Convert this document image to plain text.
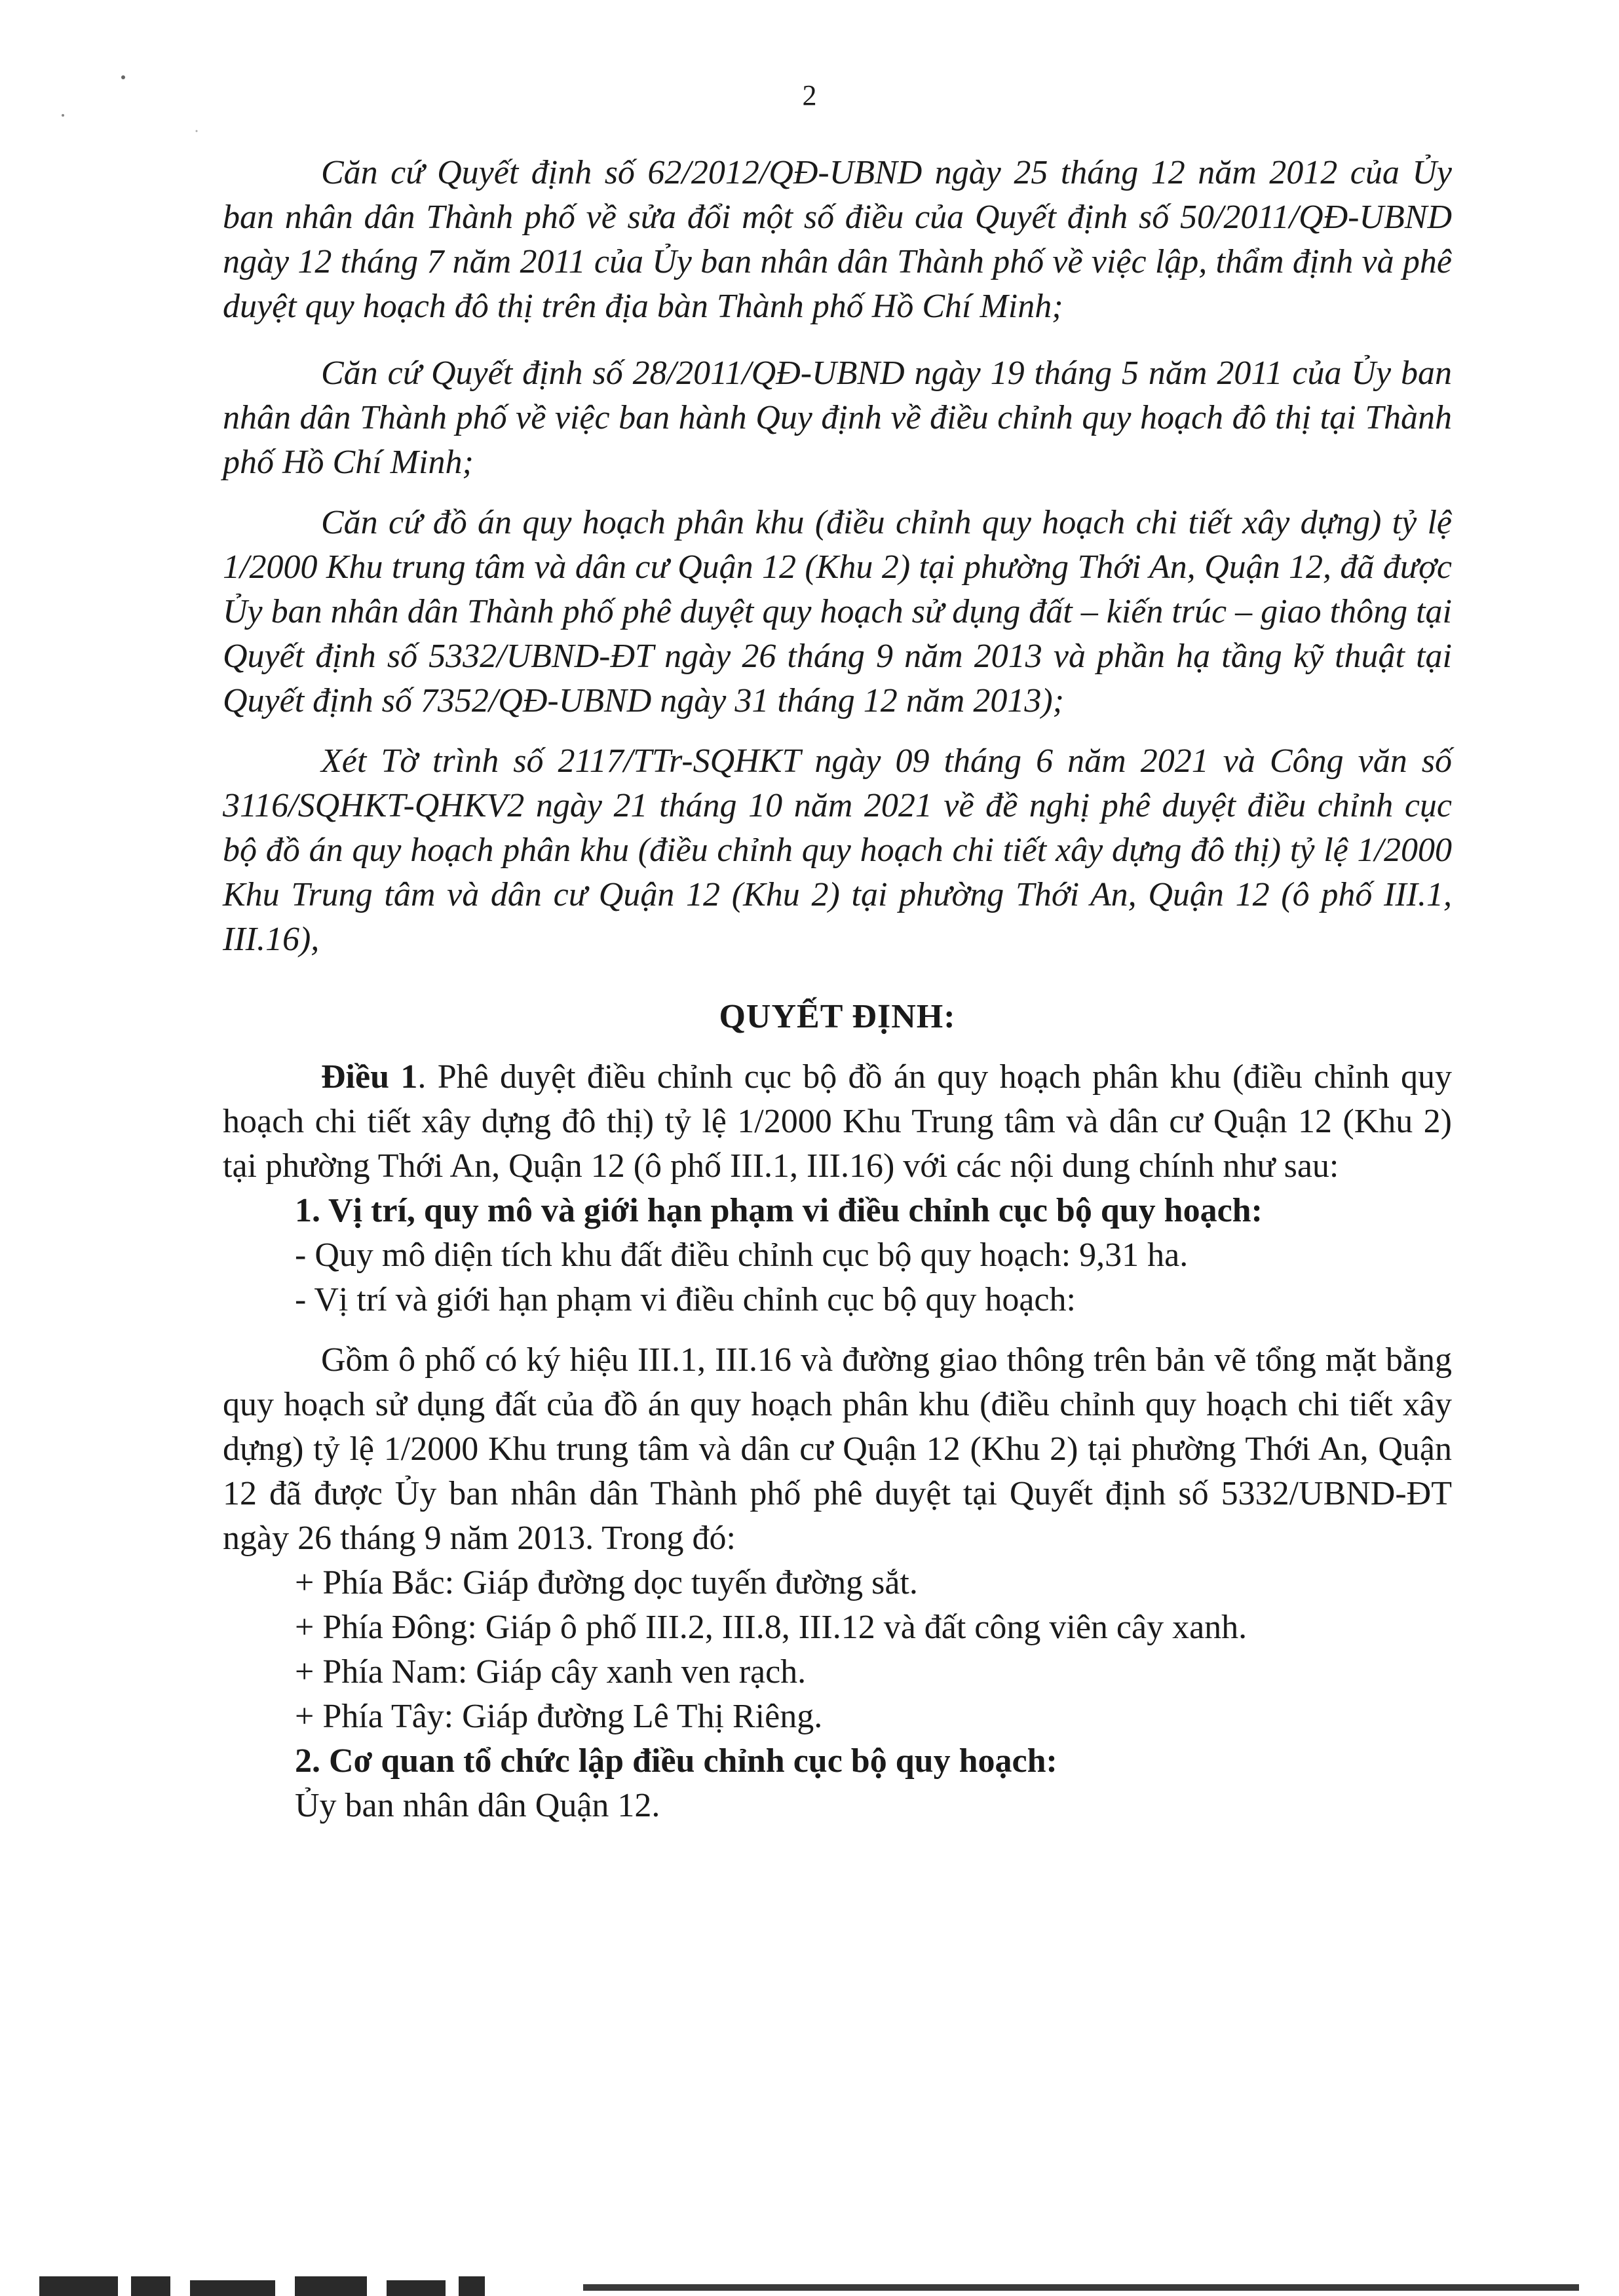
2

Căn cứ Quyết định số 62/2012/QĐ-UBND ngày 25 tháng 12 năm 2012 của Ủy ban nhân dân Thành phố về sửa đổi một số điều của Quyết định số 50/2011/QĐ-UBND ngày 12 tháng 7 năm 2011 của Ủy ban nhân dân Thành phố về việc lập, thẩm định và phê duyệt quy hoạch đô thị trên địa bàn Thành phố Hồ Chí Minh;

Căn cứ Quyết định số 28/2011/QĐ-UBND ngày 19 tháng 5 năm 2011 của Ủy ban nhân dân Thành phố về việc ban hành Quy định về điều chỉnh quy hoạch đô thị tại Thành phố Hồ Chí Minh;

Căn cứ đồ án quy hoạch phân khu (điều chỉnh quy hoạch chi tiết xây dựng) tỷ lệ 1/2000 Khu trung tâm và dân cư Quận 12 (Khu 2) tại phường Thới An, Quận 12, đã được Ủy ban nhân dân Thành phố phê duyệt quy hoạch sử dụng đất – kiến trúc – giao thông tại Quyết định số 5332/UBND-ĐT ngày 26 tháng 9 năm 2013 và phần hạ tầng kỹ thuật tại Quyết định số 7352/QĐ-UBND ngày 31 tháng 12 năm 2013);

Xét Tờ trình số 2117/TTr-SQHKT ngày 09 tháng 6 năm 2021 và Công văn số 3116/SQHKT-QHKV2 ngày 21 tháng 10 năm 2021 về đề nghị phê duyệt điều chỉnh cục bộ đồ án quy hoạch phân khu (điều chỉnh quy hoạch chi tiết xây dựng đô thị) tỷ lệ 1/2000 Khu Trung tâm và dân cư Quận 12 (Khu 2) tại phường Thới An, Quận 12 (ô phố III.1, III.16),

QUYẾT ĐỊNH:

Điều 1. Phê duyệt điều chỉnh cục bộ đồ án quy hoạch phân khu (điều chỉnh quy hoạch chi tiết xây dựng đô thị) tỷ lệ 1/2000 Khu Trung tâm và dân cư Quận 12 (Khu 2) tại phường Thới An, Quận 12 (ô phố III.1, III.16) với các nội dung chính như sau:

1. Vị trí, quy mô và giới hạn phạm vi điều chỉnh cục bộ quy hoạch:

- Quy mô diện tích khu đất điều chỉnh cục bộ quy hoạch: 9,31 ha.

- Vị trí và giới hạn phạm vi điều chỉnh cục bộ quy hoạch:

Gồm ô phố có ký hiệu III.1, III.16 và đường giao thông trên bản vẽ tổng mặt bằng quy hoạch sử dụng đất của đồ án quy hoạch phân khu (điều chỉnh quy hoạch chi tiết xây dựng) tỷ lệ 1/2000 Khu trung tâm và dân cư Quận 12 (Khu 2) tại phường Thới An, Quận 12 đã được Ủy ban nhân dân Thành phố phê duyệt tại Quyết định số 5332/UBND-ĐT ngày 26 tháng 9 năm 2013. Trong đó:

+ Phía Bắc: Giáp đường dọc tuyến đường sắt.

+ Phía Đông: Giáp ô phố III.2, III.8, III.12 và đất công viên cây xanh.

+ Phía Nam: Giáp cây xanh ven rạch.

+ Phía Tây: Giáp đường Lê Thị Riêng.

2. Cơ quan tổ chức lập điều chỉnh cục bộ quy hoạch:

Ủy ban nhân dân Quận 12.
